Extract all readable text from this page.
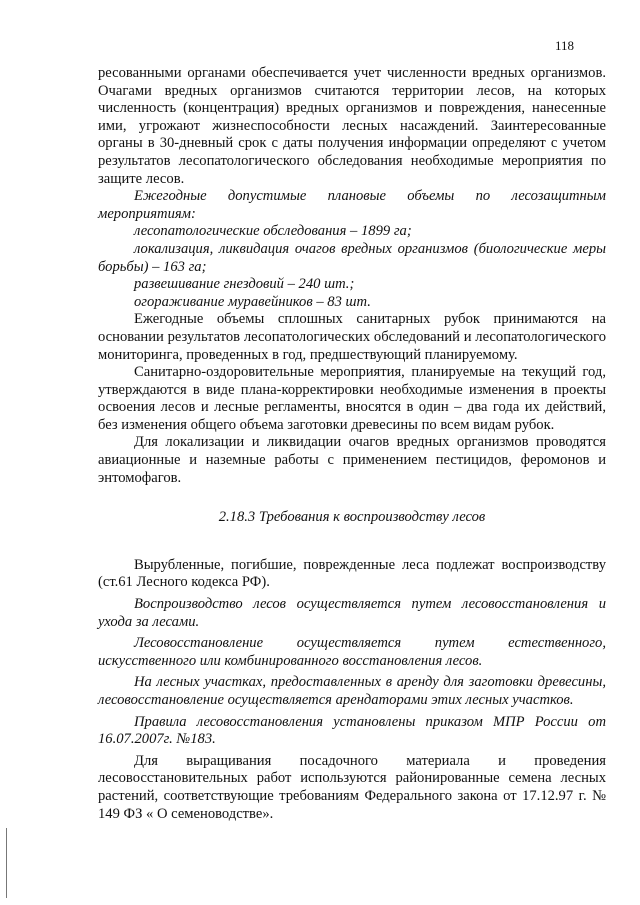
118

ресованными органами обеспечивается учет численности вредных организмов. Очагами вредных организмов считаются территории лесов, на которых численность (концентрация) вредных организмов и повреждения, нанесенные ими, угрожают жизнеспособности лесных насаждений. Заинтересованные органы в 30-дневный срок с даты получения информации определяют с учетом результатов лесопатологического обследования необходимые мероприятия по защите лесов.

Ежегодные допустимые плановые объемы по лесозащитным мероприятиям:

лесопатологические обследования – 1899 га;

локализация, ликвидация очагов вредных организмов (биологические меры борьбы) – 163 га;

развешивание гнездовий – 240 шт.;

огораживание муравейников – 83 шт.

Ежегодные объемы сплошных санитарных рубок принимаются на основании результатов лесопатологических обследований и лесопатологического мониторинга, проведенных в год, предшествующий планируемому.

Санитарно-оздоровительные мероприятия, планируемые на текущий год, утверждаются в виде плана-корректировки необходимые изменения в проекты освоения лесов и лесные регламенты, вносятся в один – два года их действий, без изменения общего объема заготовки древесины по всем видам рубок.

Для локализации и ликвидации очагов вредных организмов проводятся авиационные и наземные работы с применением пестицидов, феромонов и энтомофагов.

2.18.3 Требования к воспроизводству лесов

Вырубленные, погибшие, поврежденные леса подлежат воспроизводству (ст.61 Лесного кодекса РФ).

Воспроизводство лесов осуществляется путем лесовосстановления и ухода за лесами.

Лесовосстановление осуществляется путем естественного, искусственного или комбинированного восстановления лесов.

На лесных участках, предоставленных в аренду для заготовки древесины, лесовосстановление осуществляется арендаторами этих лесных участков.

Правила лесовосстановления установлены приказом МПР России от 16.07.2007г. №183.

Для выращивания посадочного материала и проведения лесовосстановительных работ используются районированные семена лесных растений, соответствующие требованиям Федерального закона от 17.12.97 г. № 149 ФЗ « О семеноводстве».
